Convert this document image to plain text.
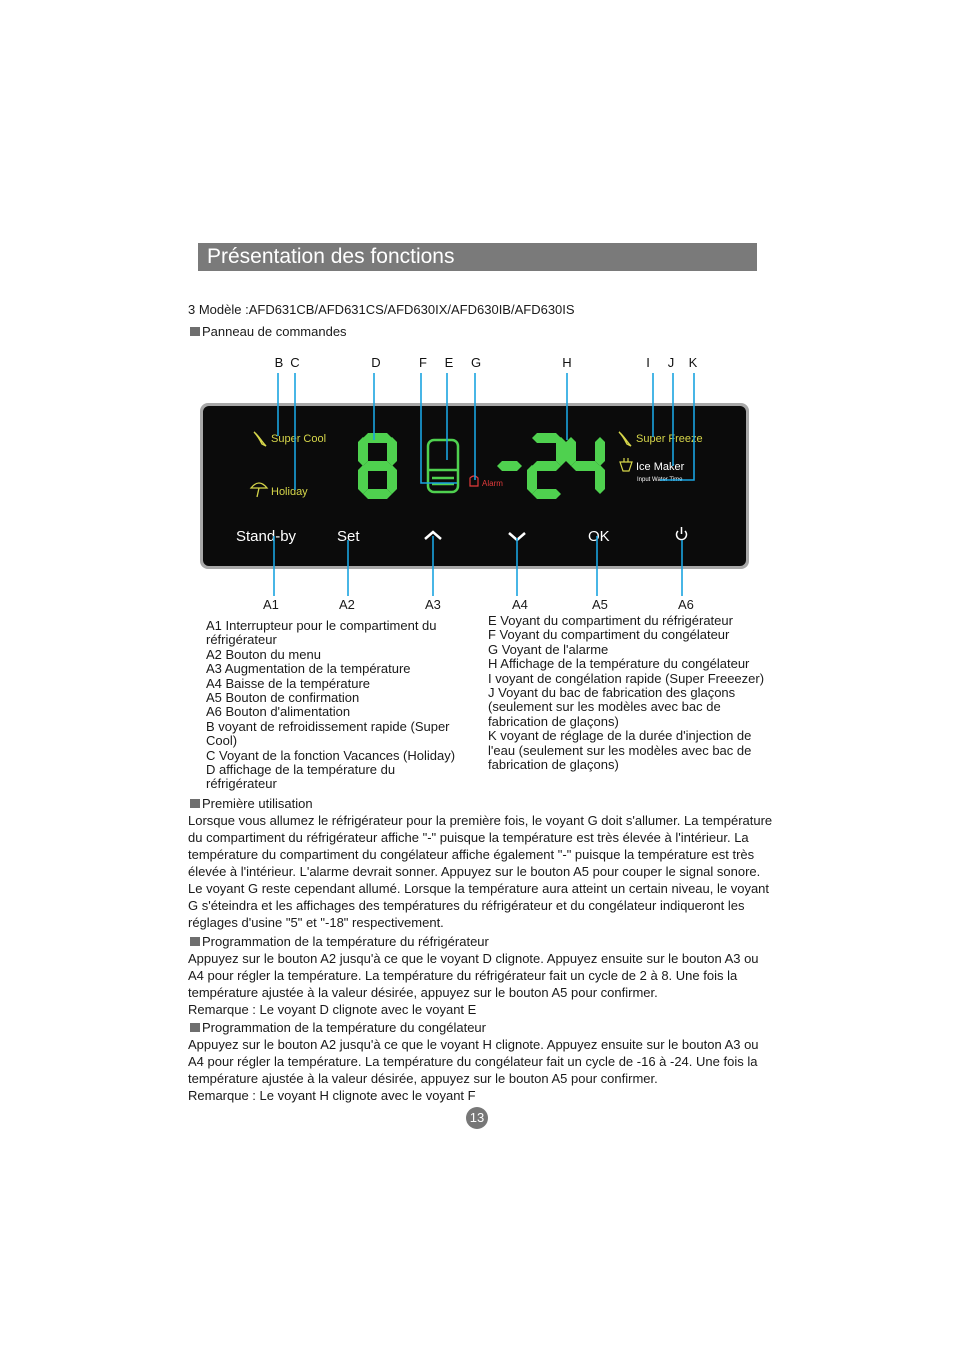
Présentation des fonctions
3 Modèle :AFD631CB/AFD631CS/AFD630IX/AFD630IB/AFD630IS
Panneau de commandes
B C	D	F	E	G	H	I	J	K
Super Cool
Holiday
Alarm
Super Freeze
Ice Maker
Input Water Time
Stand-by	Set	OK
A1	A2	A3	A4	A5	A6
A1 Interrupteur pour le compartiment du
réfrigérateur
A2 Bouton du menu
A3 Augmentation de la température
A4 Baisse de la température
A5 Bouton de confirmation
A6 Bouton d'alimentation
B voyant de refroidissement rapide (Super
Cool)
C Voyant de la fonction Vacances (Holiday)
D affichage de la température du
réfrigérateur
E Voyant du compartiment du réfrigérateur
F Voyant du compartiment du congélateur
G Voyant de l'alarme
H Affichage de la température du congélateur
I voyant de congélation rapide (Super Freeezer)
J Voyant du bac de fabrication des glaçons
(seulement sur les modèles avec bac de
fabrication de glaçons)
K voyant de réglage de la durée d'injection de
l'eau (seulement sur les modèles avec bac de
fabrication de glaçons)
Première utilisation
Lorsque vous allumez le réfrigérateur pour la première fois, le voyant G doit s'allumer. La température
du compartiment du réfrigérateur affiche "-" puisque la température est très élevée à l'intérieur. La
température du compartiment du congélateur affiche également "-" puisque la température est très
élevée à l'intérieur. L'alarme devrait sonner. Appuyez sur le bouton A5 pour couper le signal sonore.
Le voyant G reste cependant allumé. Lorsque la température aura atteint un certain niveau, le voyant
G s'éteindra et les affichages des températures du réfrigérateur et du congélateur indiqueront les
réglages d'usine "5" et "-18" respectivement.
Programmation de la température du réfrigérateur
Appuyez sur le bouton A2 jusqu'à ce que le voyant D clignote. Appuyez ensuite sur le bouton A3 ou
A4 pour régler la température. La température du réfrigérateur fait un cycle de 2 à 8. Une fois la
température ajustée à la valeur désirée, appuyez sur le bouton A5 pour confirmer.
Remarque : Le voyant D clignote avec le voyant E
Programmation de la température du congélateur
Appuyez sur le bouton A2 jusqu'à ce que le voyant H clignote. Appuyez ensuite sur le bouton A3 ou
A4 pour régler la température. La température du congélateur fait un cycle de -16 à -24. Une fois la
température ajustée à la valeur désirée, appuyez sur le bouton A5 pour confirmer.
Remarque : Le voyant H clignote avec le voyant F
13
